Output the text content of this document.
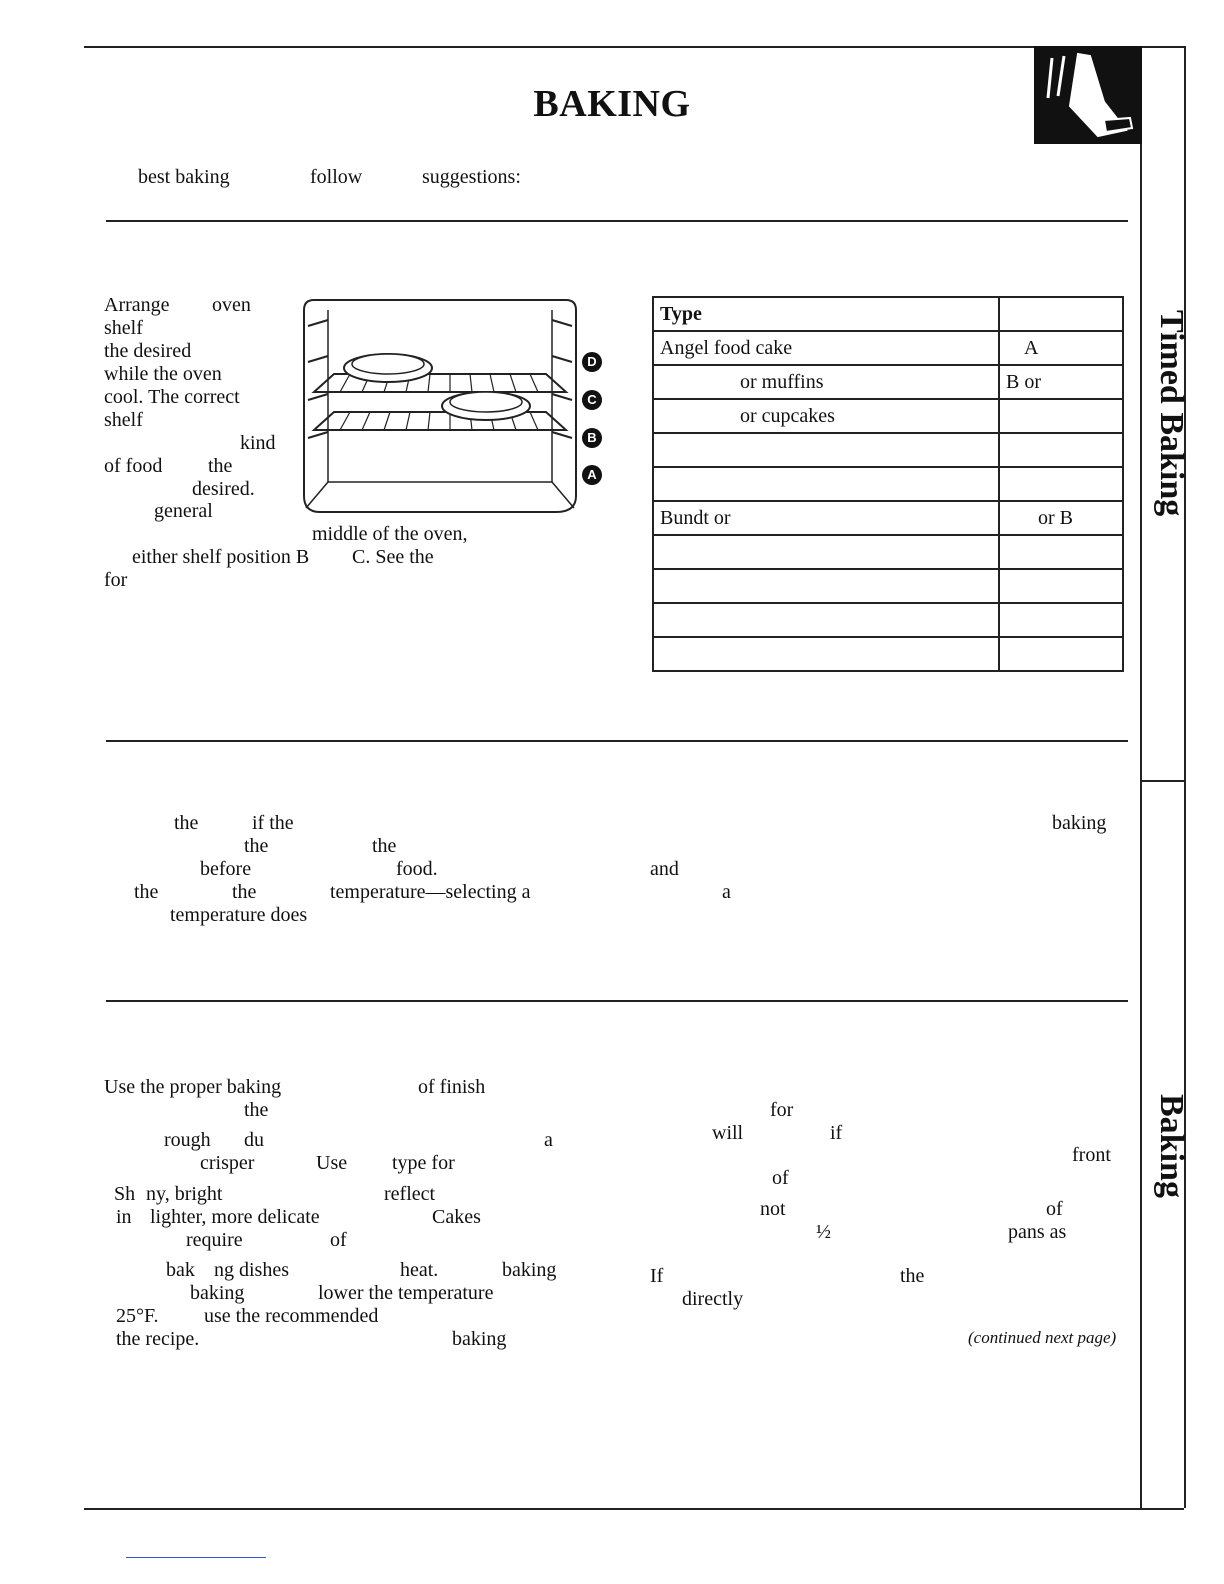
BAKING
best baking	follow	suggestions:
Arrange oven
shelf
the desired
while the oven
cool. The correct
shelf
kind
of food the
desired.
general
middle of the oven,
either shelf position B C. See the
for
D
C
B
A
Type	
Angel food cake	A
or muffins	B or
or cupcakes	

Bundt or	or B

the	if the	baking
the	the
before	food.	and
the	the	temperature—selecting a	a
temperature does
Use the proper baking	of finish
the	for
rough du	a	will	if
crisper	Use type for	front
of
Sh ny, bright	reflect
in lighter, more delicate	Cakes	not	of
require	of	½	pans as
bak ng dishes	heat.	baking	If	the
baking	lower the temperature	directly
25°F. use the recommended
the recipe.	baking	(continued next page)
Timed Baking
Baking
